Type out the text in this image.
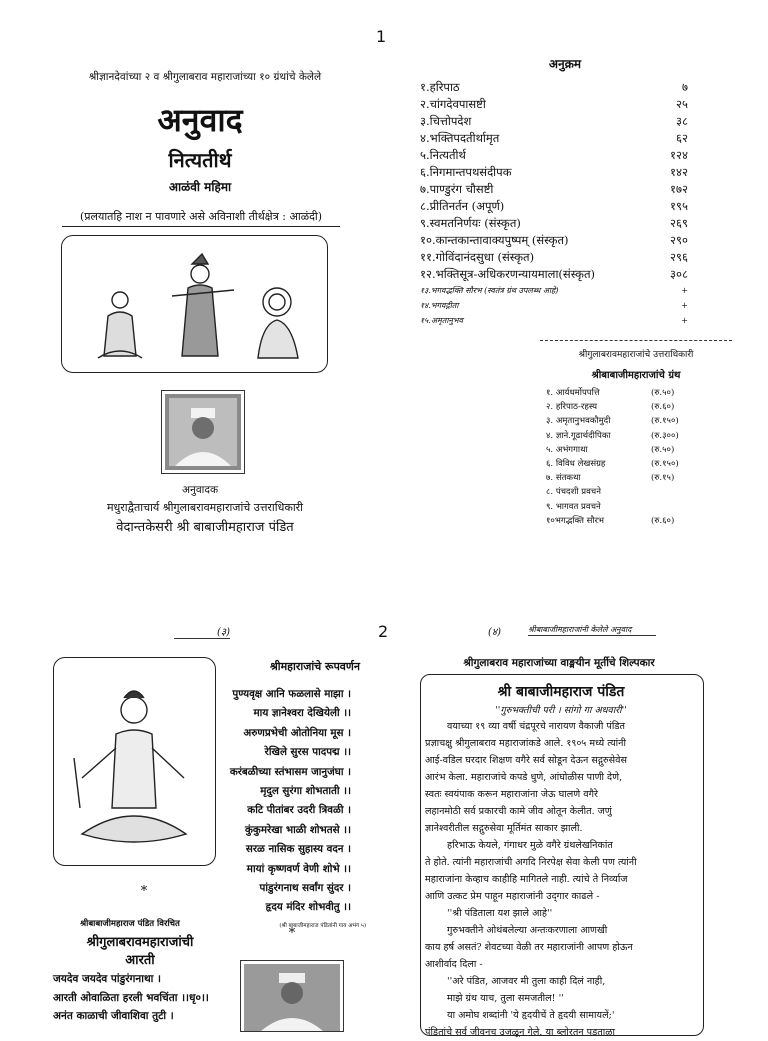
1
श्रीज्ञानदेवांच्या २ व श्रीगुलाबराव महाराजांच्या १० ग्रंथांचे केलेले
अनुवाद
नित्यतीर्थ
आळंवी महिमा
(प्रलयातहि नाश न पावणारे असे अविनाशी तीर्थक्षेत्र : आळंदी)
अनुवादक
मधुराद्वैताचार्य श्रीगुलाबरावमहाराजांचे उत्तराधिकारी
वेदान्तकेसरी श्री बाबाजीमहाराज पंडित
अनुक्रम
१.हरिपाठ	७
२.चांगदेवपासष्टी	२५
३.चित्तोपदेश	३८
४.भक्तिपदतीर्थामृत	६२
५.नित्यतीर्थ	१२४
६.निगमान्तपथसंदीपक	१४२
७.पाण्डुरंग चौसष्टी	१७२
८.प्रीतिनर्तन (अपूर्ण)	१९५
९.स्वमतनिर्णयः (संस्कृत)	२६९
१०.कान्तकान्तावाक्यपुष्पम् (संस्कृत)	२९०
११.गोविंदानंदसुधा (संस्कृत)	२९६
१२.भक्तिसूत्र-अधिकरणन्यायमाला(संस्कृत)	३०८
१३.भगवद्भक्ति सौरभ (स्वतंत्र ग्रंथ उपलब्ध आहे)	+
१४.भगवद्गीता	+
१५.अमृतानुभव	+
श्रीगुलाबरावमहाराजांचे उत्तराधिकारी
श्रीबाबाजीमहाराजांचे ग्रंथ
१. आर्यधर्मोपपत्ति	(रु.५०)
२. हरिपाठ-रहस्य	(रु.६०)
३. अमृतानुभवकौमुदी	(रु.१५०)
४. ज्ञाने.गूढार्थदीपिका	(रु.३००)
५. अभंगगाथा	(रु.५०)
६. विविध लेखसंग्रह	(रु.१५०)
७. संतकथा	(रु.१५)
८. पंचदशी प्रवचने
९. भागवत प्रवचने
१०भगद्भक्ति सौरभ	(रु.६०)
(३)	2	(४)	श्रीबाबाजीमहाराजांनी केलेले अनुवाद
श्रीमहाराजांचे रूपवर्णन
पुण्यवृक्ष आनि फळलासे माझा ।
माय ज्ञानेश्वरा देखियेली ।।
अरुणप्रभेची ओतोनिया मूस ।
रेखिले सुरस पादपद्म ।।
करंबळीच्या स्तंभासम जानुजंघा ।
मृदुल सुरंगा शोभताती ।।
कटि पीतांबर उदरी त्रिवळी ।
कुंकुमरेखा भाळी शोभतसे ।।
सरळ नासिक सुहास्य वदन ।
मायां कृष्णवर्ण वेणी शोभे ।।
पांडुरंगनाथ सर्वांग सुंदर ।
हृदय मंदिर शोभवीतु ।।
(श्री बाबाजीमहाराज पंडितांनी गाय अभंग ५)
*
*
श्रीबाबाजीमहाराज पंडित विरचित
श्रीगुलाबरावमहाराजांची
आरती
जयदेव जयदेव पांडुरंगनाथा ।
आरती ओवाळिता हरली भवचिंता ।।धृ०।।
अनंत काळाची जीवाशिवा तुटी ।
श्रीगुलाबराव महाराजांच्या वाङ्मयीन मूर्तीचे शिल्पकार
श्री बाबाजीमहाराज पंडित
''गुरुभक्तीची परी । सांगो गा अधवारी''
वयाच्या १९ व्या वर्षी चंद्रपूरचे नारायण वैकाजी पंडित
प्रज्ञाचक्षु श्रीगुलाबराव महाराजांकडे आले. १९०५ मध्ये त्यांनी
आई-वडिल घरदार शिक्षण वगैरे सर्व सोडून देऊन सद्गुरुसेवेस
आरंभ केला. महाराजांचे कपडे धुणे, आंघोळीस पाणी देणे,
स्वतः स्वयंपाक करून महाराजांना जेऊ घालणे वगैरे
लहानमोठी सर्व प्रकारची कामे जीव ओतून केलीत. जणुं
ज्ञानेश्वरीतील सद्गुरुसेवा मूर्तिमंत साकार झाली.
हरिभाऊ केयले, गंगाधर मुळे वगैरे ग्रंथलेखनिकांत
ते होते. त्यांनी महाराजांची अगदि निरपेक्ष सेवा केली पण त्यांनी
महाराजांना केव्हाच काहीहि मागितले नाही. त्यांचे ते निर्व्याज
आणि उत्कट प्रेम पाहून महाराजांनी उद्‌गार काढले -
''श्री पंडिताला यश झाले आहे''
गुरुभक्तीने ओथंबलेल्या अन्तःकरणाला आणखी
काय हर्ष असतं? शेवटच्या वेळी तर महाराजांनी आपण होऊन
आशीर्वाद दिला -
''अरे पंडित, आजवर मी तुला काही दिलं नाही,
माझे ग्रंथ याच, तुला समजतील! ''
या अमोघ शब्दांनी 'ये हृदयीचें ते हृदयी सामायलें;'
पंडितांचे सर्व जीवनच उजळून गेले. या ब्लोरतन पडताळा
